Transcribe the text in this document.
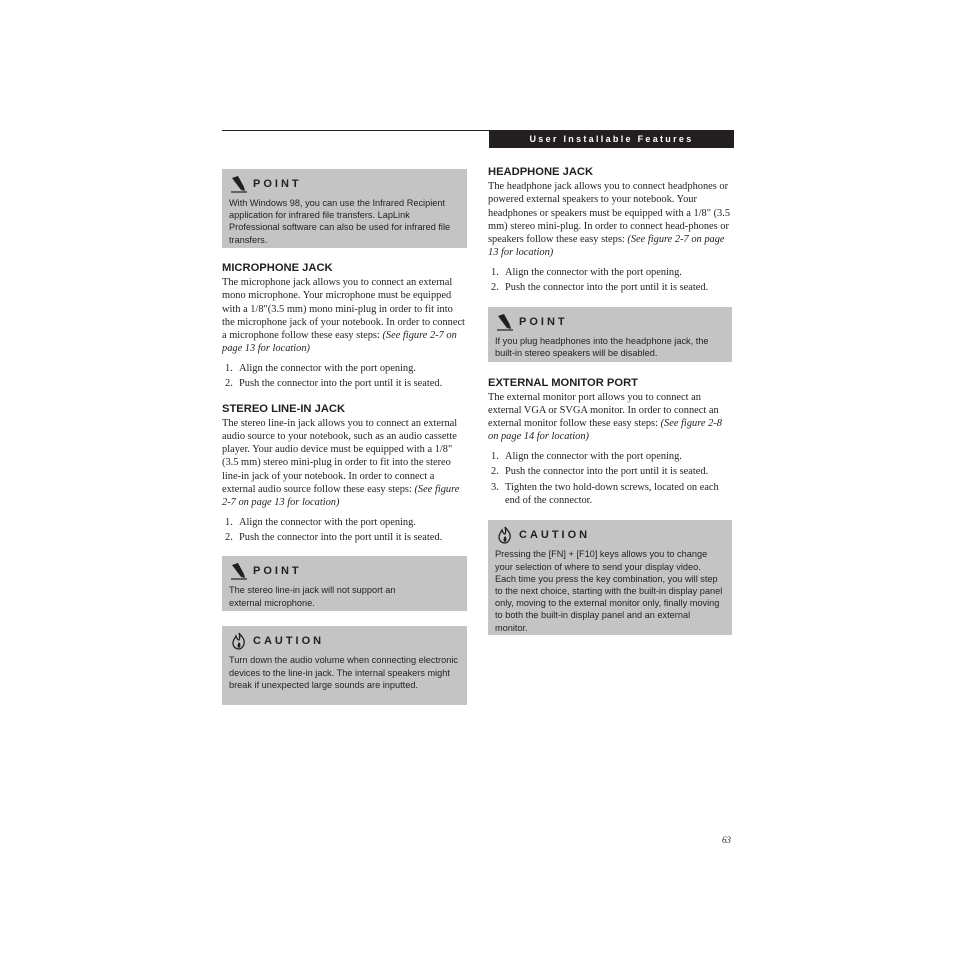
User Installable Features
POINT
With Windows 98, you can use the Infrared Recipient application for infrared file transfers. LapLink Professional software can also be used for infrared file transfers.
MICROPHONE JACK

The microphone jack allows you to connect an external mono microphone. Your microphone must be equipped with a 1/8"(3.5 mm) mono mini-plug in order to fit into the microphone jack of your notebook. In order to connect a microphone follow these easy steps: (See figure 2-7 on page 13 for location)

1. Align the connector with the port opening.
2. Push the connector into the port until it is seated.
STEREO LINE-IN JACK

The stereo line-in jack allows you to connect an external audio source to your notebook, such as an audio cassette player. Your audio device must be equipped with a 1/8" (3.5 mm) stereo mini-plug in order to fit into the stereo line-in jack of your notebook. In order to connect a external audio source follow these easy steps: (See figure 2-7 on page 13 for location)

1. Align the connector with the port opening.
2. Push the connector into the port until it is seated.
POINT
The stereo line-in jack will not support an external microphone.
CAUTION
Turn down the audio volume when connecting electronic devices to the line-in jack. The internal speakers might break if unexpected large sounds are inputted.
HEADPHONE JACK

The headphone jack allows you to connect headphones or powered external speakers to your notebook. Your headphones or speakers must be equipped with a 1/8" (3.5 mm) stereo mini-plug. In order to connect head-phones or speakers follow these easy steps: (See figure 2-7 on page 13 for location)

1. Align the connector with the port opening.
2. Push the connector into the port until it is seated.
POINT
If you plug headphones into the headphone jack, the built-in stereo speakers will be disabled.
EXTERNAL MONITOR PORT

The external monitor port allows you to connect an external VGA or SVGA monitor. In order to connect an external monitor follow these easy steps: (See figure 2-8 on page 14 for location)

1. Align the connector with the port opening.
2. Push the connector into the port until it is seated.
3. Tighten the two hold-down screws, located on each end of the connector.
CAUTION
Pressing the [FN] + [F10] keys allows you to change your selection of where to send your display video. Each time you press the key combination, you will step to the next choice, starting with the built-in display panel only, moving to the external monitor only, finally moving to both the built-in display panel and an external monitor.
63
